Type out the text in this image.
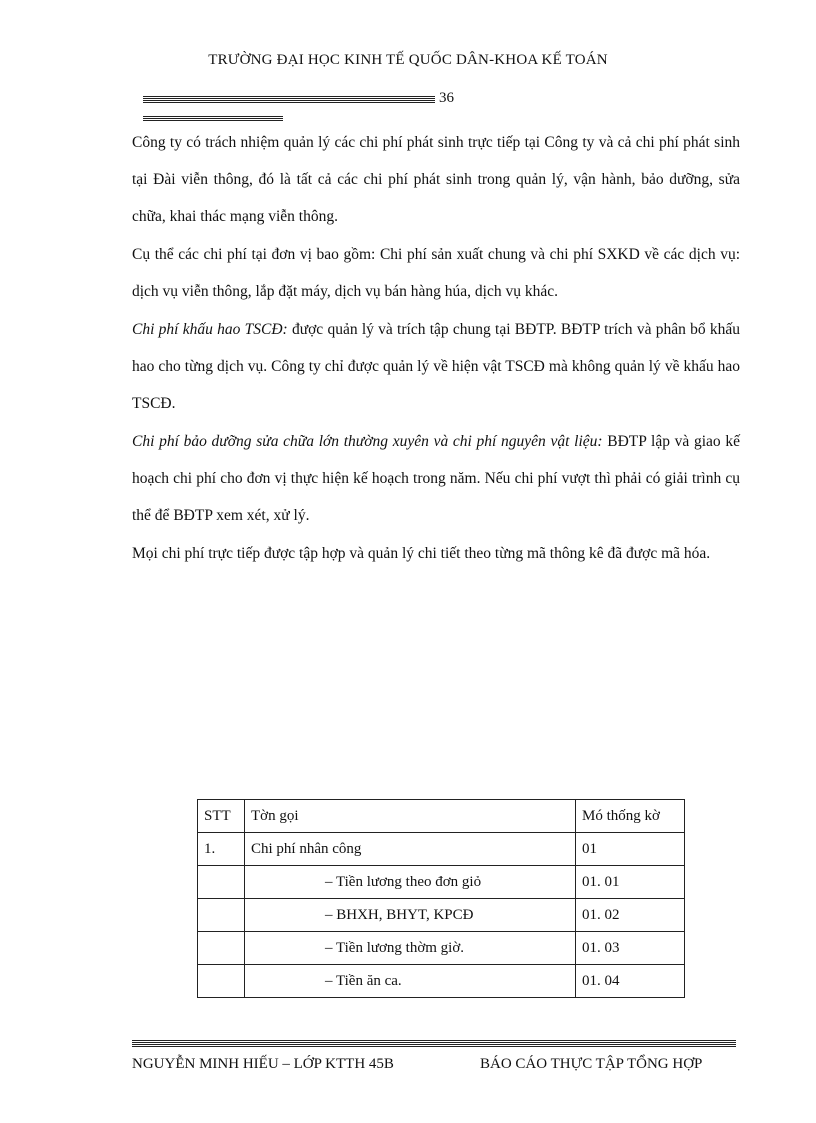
TRƯỜNG ĐẠI HỌC KINH TẾ QUỐC DÂN-KHOA KẾ TOÁN
36

Công ty có trách nhiệm quản lý các chi phí phát sinh trực tiếp tại Công ty và cả chi phí phát sinh tại Đài viễn thông, đó là tất cả các chi phí phát sinh trong quản lý, vận hành, bảo dưỡng, sửa chữa, khai thác mạng viễn thông.

Cụ thể các chi phí tại đơn vị bao gồm: Chi phí sản xuất chung và chi phí SXKD về các dịch vụ: dịch vụ viễn thông, lắp đặt máy, dịch vụ bán hàng húa, dịch vụ khác.

Chi phí khấu hao TSCĐ: được quản lý và trích tập chung tại BĐTP. BĐTP trích và phân bổ khấu hao cho từng dịch vụ. Công ty chỉ được quản lý về hiện vật TSCĐ mà không quản lý về khấu hao TSCĐ.

Chi phí bảo dưỡng sửa chữa lớn thường xuyên và chi phí nguyên vật liệu: BĐTP lập và giao kế hoạch chi phí cho đơn vị thực hiện kế hoạch trong năm. Nếu chi phí vượt thì phải có giải trình cụ thể để BĐTP xem xét, xử lý.

Mọi chi phí trực tiếp được tập hợp và quản lý chi tiết theo từng mã thông kê đã được mã hóa.

STT	Tờn gọi	Mó thống kờ
1.	Chi phí nhân công	01
	– Tiền lương theo đơn giỏ	01. 01
	– BHXH, BHYT, KPCĐ	01. 02
	– Tiền lương thờm giờ.	01. 03
	– Tiền ăn ca.	01. 04
NGUYỄN MINH HIẾU – LỚP KTTH 45B	BÁO CÁO THỰC TẬP TỔNG HỢP
